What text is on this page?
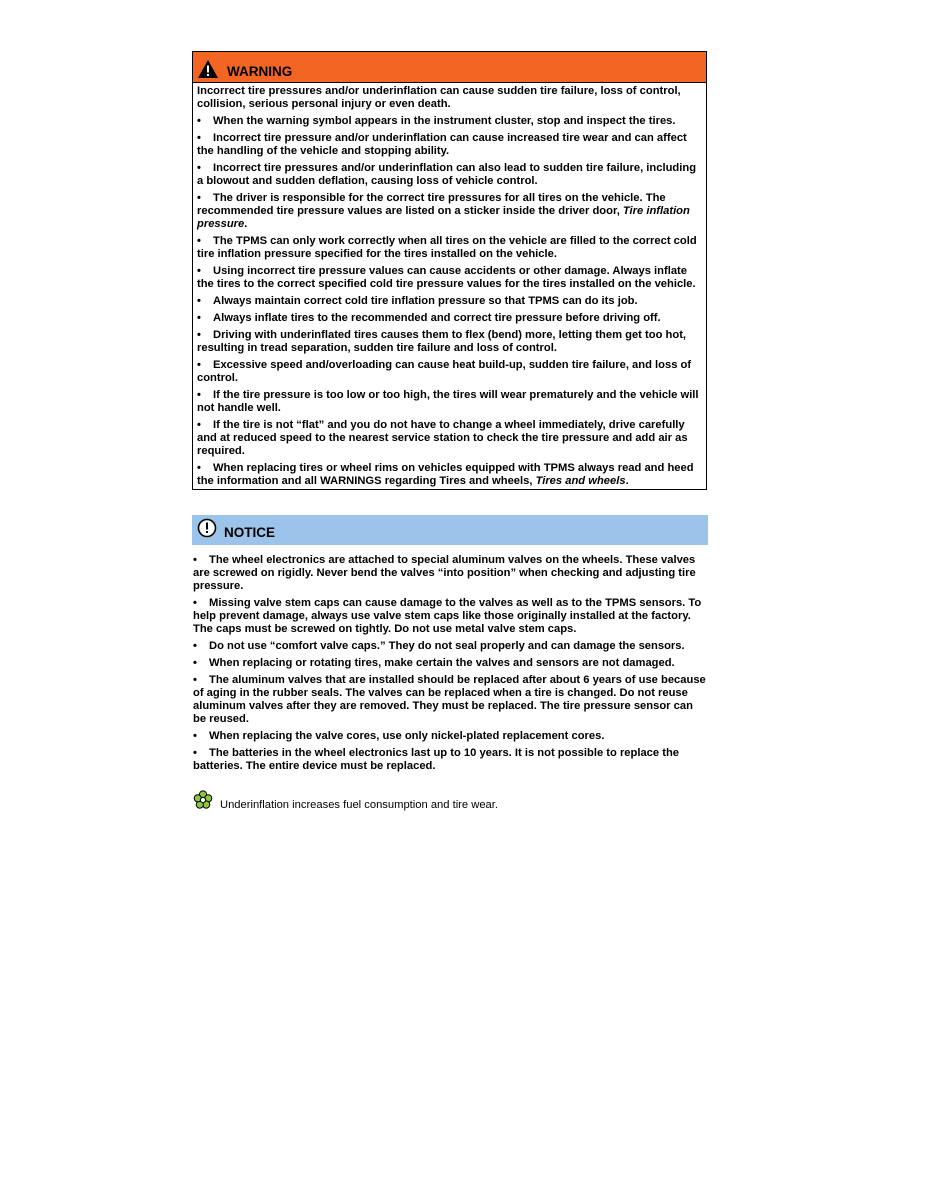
WARNING

Incorrect tire pressures and/or underinflation can cause sudden tire failure, loss of control, collision, serious personal injury or even death.

• When the warning symbol appears in the instrument cluster, stop and inspect the tires.

• Incorrect tire pressure and/or underinflation can cause increased tire wear and can affect the handling of the vehicle and stopping ability.

• Incorrect tire pressures and/or underinflation can also lead to sudden tire failure, including a blowout and sudden deflation, causing loss of vehicle control.

• The driver is responsible for the correct tire pressures for all tires on the vehicle. The recommended tire pressure values are listed on a sticker inside the driver door, Tire inflation pressure.

• The TPMS can only work correctly when all tires on the vehicle are filled to the correct cold tire inflation pressure specified for the tires installed on the vehicle.

• Using incorrect tire pressure values can cause accidents or other damage. Always inflate the tires to the correct specified cold tire pressure values for the tires installed on the vehicle.

• Always maintain correct cold tire inflation pressure so that TPMS can do its job.

• Always inflate tires to the recommended and correct tire pressure before driving off.

• Driving with underinflated tires causes them to flex (bend) more, letting them get too hot, resulting in tread separation, sudden tire failure and loss of control.

• Excessive speed and/overloading can cause heat build-up, sudden tire failure, and loss of control.

• If the tire pressure is too low or too high, the tires will wear prematurely and the vehicle will not handle well.

• If the tire is not “flat” and you do not have to change a wheel immediately, drive carefully and at reduced speed to the nearest service station to check the tire pressure and add air as required.

• When replacing tires or wheel rims on vehicles equipped with TPMS always read and heed the information and all WARNINGS regarding Tires and wheels, Tires and wheels.

NOTICE

• The wheel electronics are attached to special aluminum valves on the wheels. These valves are screwed on rigidly. Never bend the valves “into position” when checking and adjusting tire pressure.

• Missing valve stem caps can cause damage to the valves as well as to the TPMS sensors. To help prevent damage, always use valve stem caps like those originally installed at the factory. The caps must be screwed on tightly. Do not use metal valve stem caps.

• Do not use “comfort valve caps.” They do not seal properly and can damage the sensors.

• When replacing or rotating tires, make certain the valves and sensors are not damaged.

• The aluminum valves that are installed should be replaced after about 6 years of use because of aging in the rubber seals. The valves can be replaced when a tire is changed. Do not reuse aluminum valves after they are removed. They must be replaced. The tire pressure sensor can be reused.

• When replacing the valve cores, use only nickel-plated replacement cores.

• The batteries in the wheel electronics last up to 10 years. It is not possible to replace the batteries. The entire device must be replaced.

Underinflation increases fuel consumption and tire wear.
